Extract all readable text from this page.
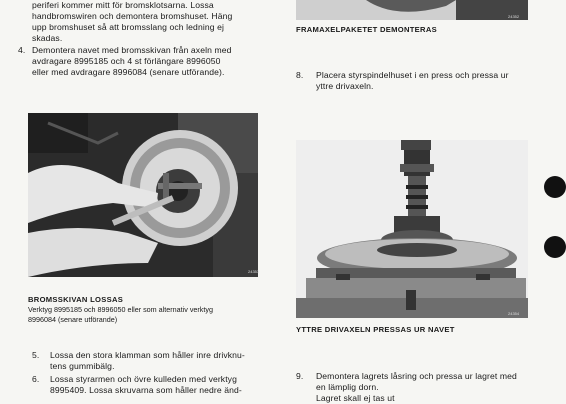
periferi kommer mitt för bromsklotsarna. Lossa
handbromswiren och demontera bromshuset. Häng
upp bromshuset så att bromsslang och ledning ej
skadas.
4. Demontera navet med bromsskivan från axeln med
avdragare 8995185 och 4 st förlängare 8996050
eller med avdragare 8996084 (senare utförande).
24353
BROMSSKIVAN LOSSAS
Verktyg 8995185 och 8996050 eller som alternativ verktyg
8996084 (senare utförande)
5.	Lossa den stora klamman som håller inre drivknu-
tens gummibälg.
6.	Lossa styrarmen och övre kulleden med verktyg
8995409. Lossa skruvarna som håller nedre änd-
24352
FRAMAXELPAKETET DEMONTERAS
8.	Placera styrspindelhuset i en press och pressa ur
yttre drivaxeln.
24354
YTTRE DRIVAXELN PRESSAS UR NAVET
9.	Demontera lagrets låsring och pressa ur lagret med
en lämplig dorn.
Lagret skall ej tas ut
